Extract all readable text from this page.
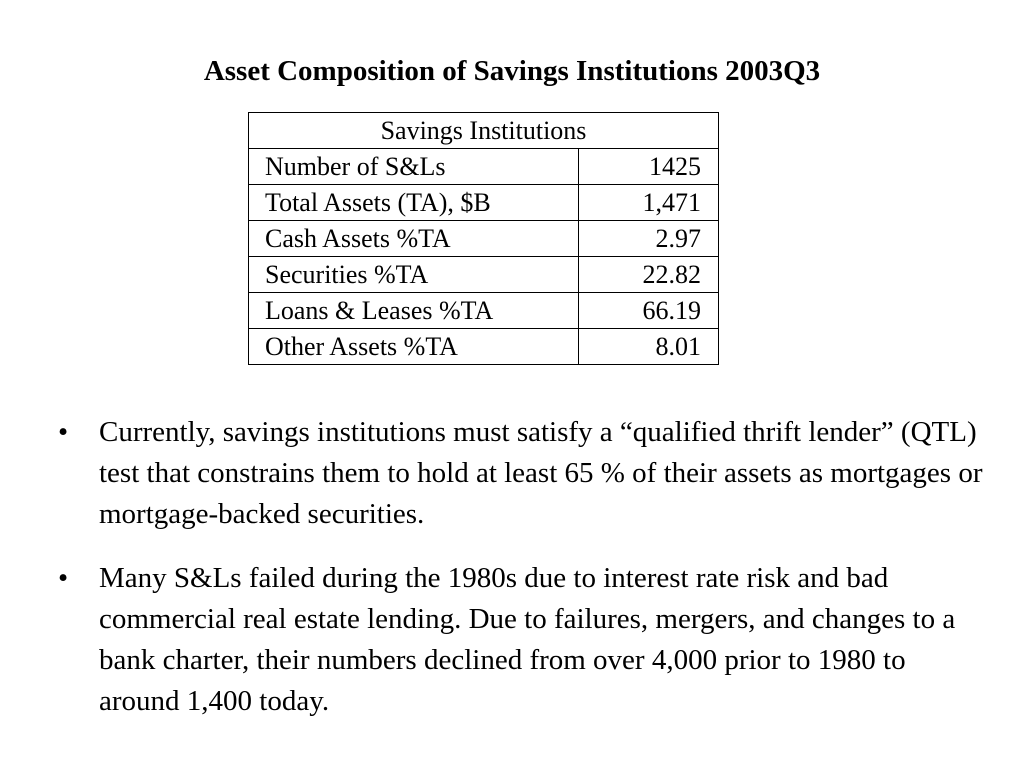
Asset Composition of Savings Institutions 2003Q3
Savings Institutions	
Number of S&Ls	1425
Total Assets (TA), $B	1,471
Cash Assets %TA	2.97
Securities %TA	22.82
Loans & Leases %TA	66.19
Other Assets %TA	8.01
• Currently, savings institutions must satisfy a “qualified thrift lender” (QTL) test that constrains them to hold at least 65 % of their assets as mortgages or mortgage-backed securities.
• Many S&Ls failed during the 1980s due to interest rate risk and bad commercial real estate lending. Due to failures, mergers, and changes to a bank charter, their numbers declined from over 4,000 prior to 1980 to around 1,400 today.
